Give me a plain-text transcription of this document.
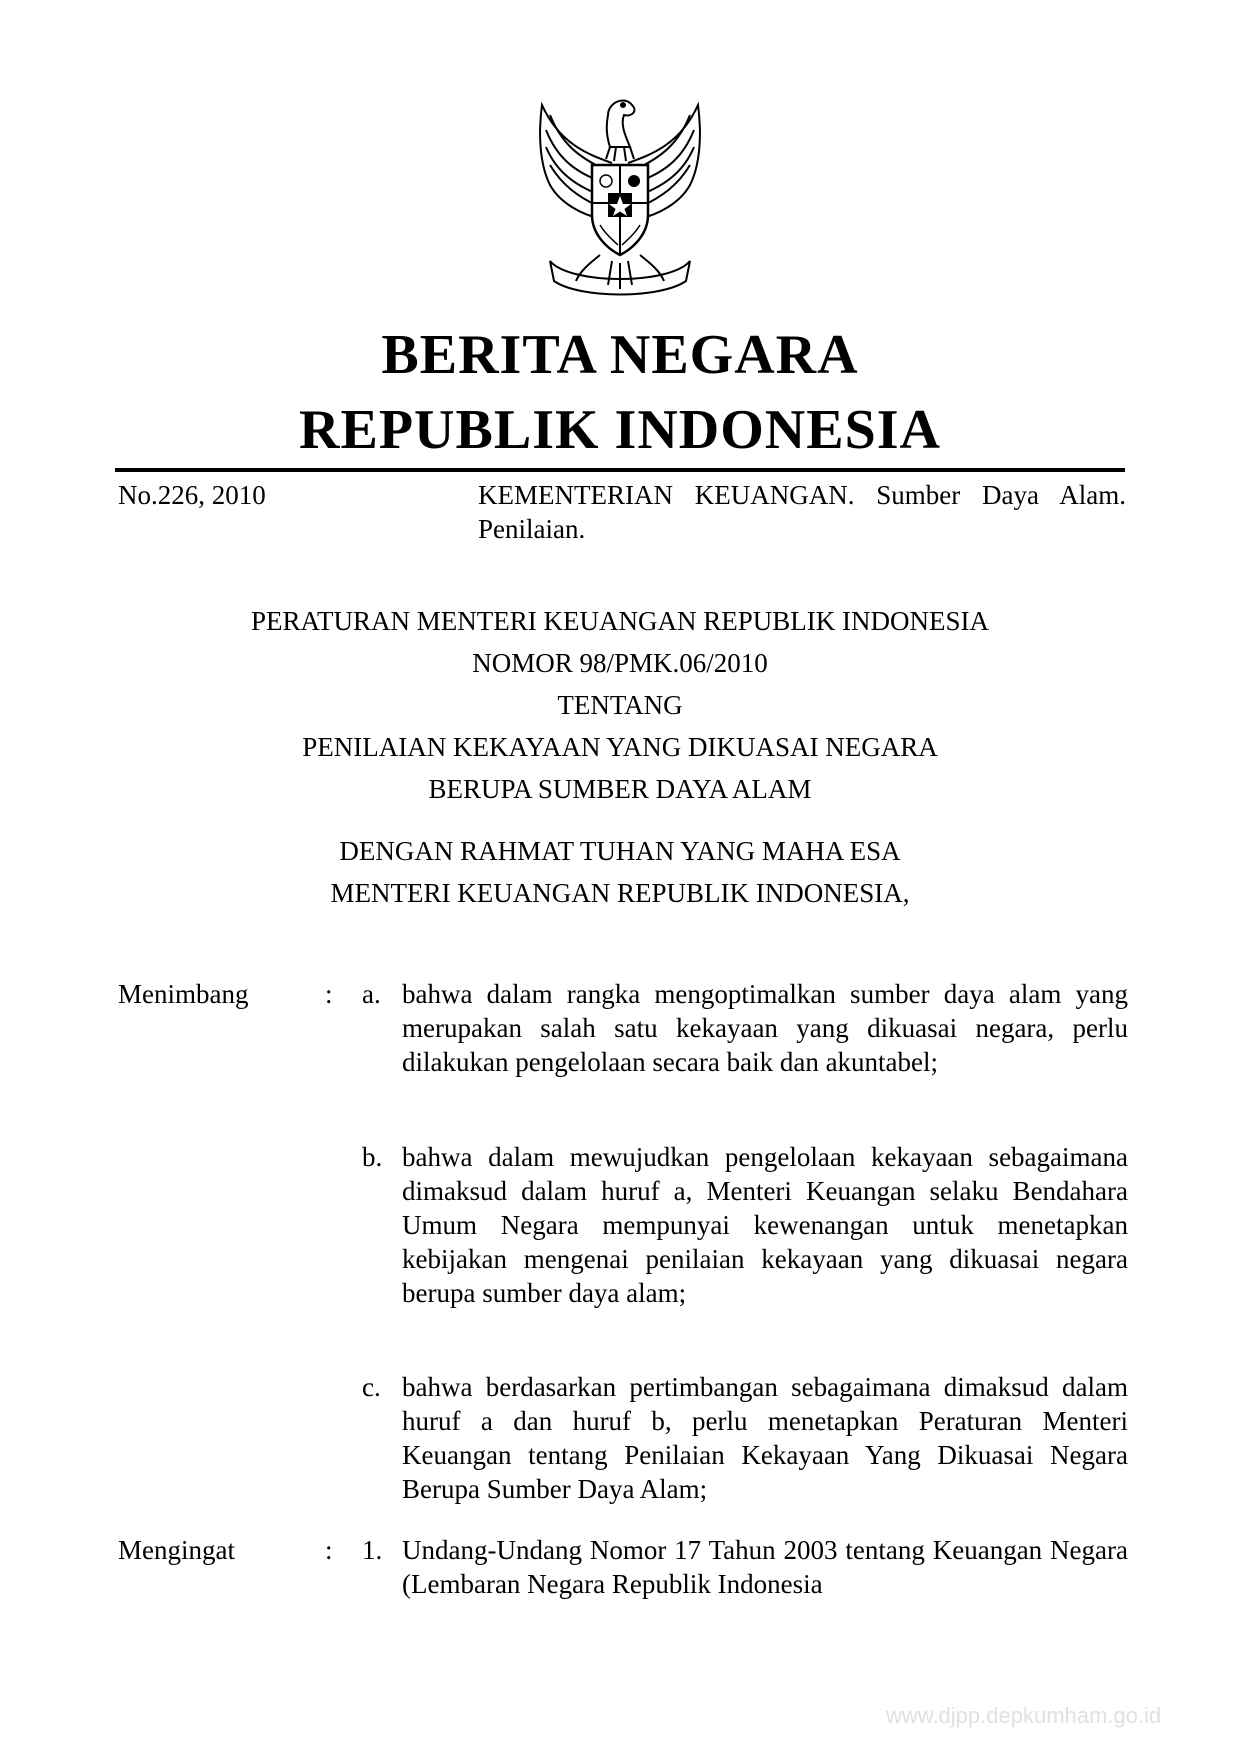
BERITA NEGARA
REPUBLIK INDONESIA
No.226, 2010	KEMENTERIAN KEUANGAN. Sumber Daya Alam. Penilaian.
PERATURAN MENTERI KEUANGAN REPUBLIK INDONESIA
NOMOR 98/PMK.06/2010
TENTANG
PENILAIAN KEKAYAAN YANG DIKUASAI NEGARA
BERUPA SUMBER DAYA ALAM
DENGAN RAHMAT TUHAN YANG MAHA ESA
MENTERI KEUANGAN REPUBLIK INDONESIA,
Menimbang	: a. bahwa dalam rangka mengoptimalkan sumber daya alam yang merupakan salah satu kekayaan yang dikuasai negara, perlu dilakukan pengelolaan secara baik dan akuntabel;
b. bahwa dalam mewujudkan pengelolaan kekayaan sebagaimana dimaksud dalam huruf a, Menteri Keuangan selaku Bendahara Umum Negara mempunyai kewenangan untuk menetapkan kebijakan mengenai penilaian kekayaan yang dikuasai negara berupa sumber daya alam;
c. bahwa berdasarkan pertimbangan sebagaimana dimaksud dalam huruf a dan huruf b, perlu menetapkan Peraturan Menteri Keuangan tentang Penilaian Kekayaan Yang Dikuasai Negara Berupa Sumber Daya Alam;
Mengingat	: 1. Undang-Undang Nomor 17 Tahun 2003 tentang Keuangan Negara (Lembaran Negara Republik Indonesia
www.djpp.depkumham.go.id
